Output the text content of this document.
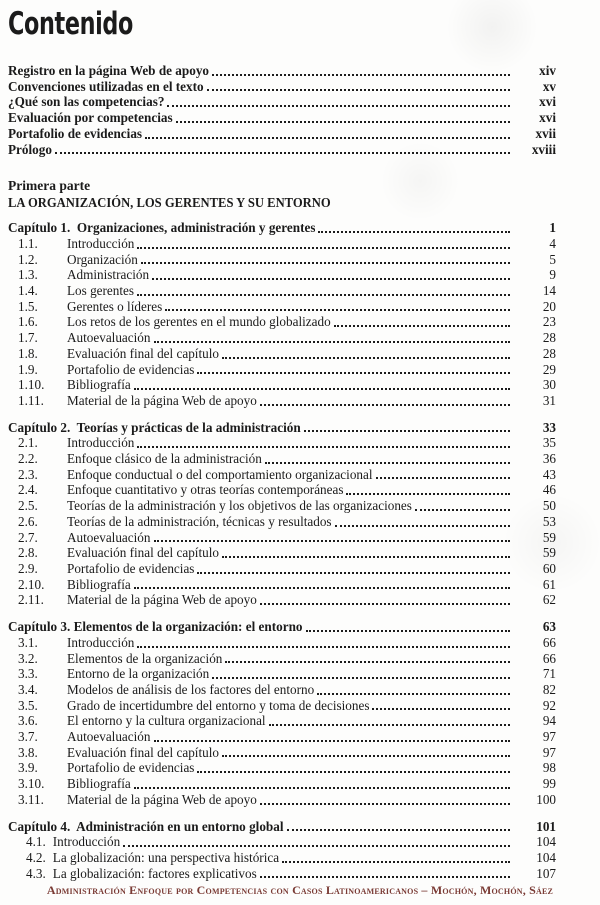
Contenido
Registro en la página Web de apoyo	xiv
Convenciones utilizadas en el texto	xv
¿Qué son las competencias?	xvi
Evaluación por competencias	xvi
Portafolio de evidencias	xvii
Prólogo	xviii
Primera parte
LA ORGANIZACIÓN, LOS GERENTES Y SU ENTORNO
Capítulo 1.  Organizaciones, administración y gerentes	1
1.1.	Introducción	4
1.2.	Organización	5
1.3.	Administración	9
1.4.	Los gerentes	14
1.5.	Gerentes o líderes	20
1.6.	Los retos de los gerentes en el mundo globalizado	23
1.7.	Autoevaluación	28
1.8.	Evaluación final del capítulo	28
1.9.	Portafolio de evidencias	29
1.10.	Bibliografía	30
1.11.	Material de la página Web de apoyo	31
Capítulo 2.  Teorías y prácticas de la administración	33
2.1.	Introducción	35
2.2.	Enfoque clásico de la administración	36
2.3.	Enfoque conductual o del comportamiento organizacional	43
2.4.	Enfoque cuantitativo y otras teorías contemporáneas	46
2.5.	Teorías de la administración y los objetivos de las organizaciones	50
2.6.	Teorías de la administración, técnicas y resultados	53
2.7.	Autoevaluación	59
2.8.	Evaluación final del capítulo	59
2.9.	Portafolio de evidencias	60
2.10.	Bibliografía	61
2.11.	Material de la página Web de apoyo	62
Capítulo 3. Elementos de la organización: el entorno	63
3.1.	Introducción	66
3.2.	Elementos de la organización	66
3.3.	Entorno de la organización	71
3.4.	Modelos de análisis de los factores del entorno	82
3.5.	Grado de incertidumbre del entorno y toma de decisiones	92
3.6.	El entorno y la cultura organizacional	94
3.7.	Autoevaluación	97
3.8.	Evaluación final del capítulo	97
3.9.	Portafolio de evidencias	98
3.10.	Bibliografía	99
3.11.	Material de la página Web de apoyo	100
Capítulo 4.  Administración en un entorno global	101
4.1. Introducción	104
4.2. La globalización: una perspectiva histórica	104
4.3. La globalización: factores explicativos	107
Administración Enfoque por Competencias con Casos Latinoamericanos – Mochón, Mochón, Sáez
